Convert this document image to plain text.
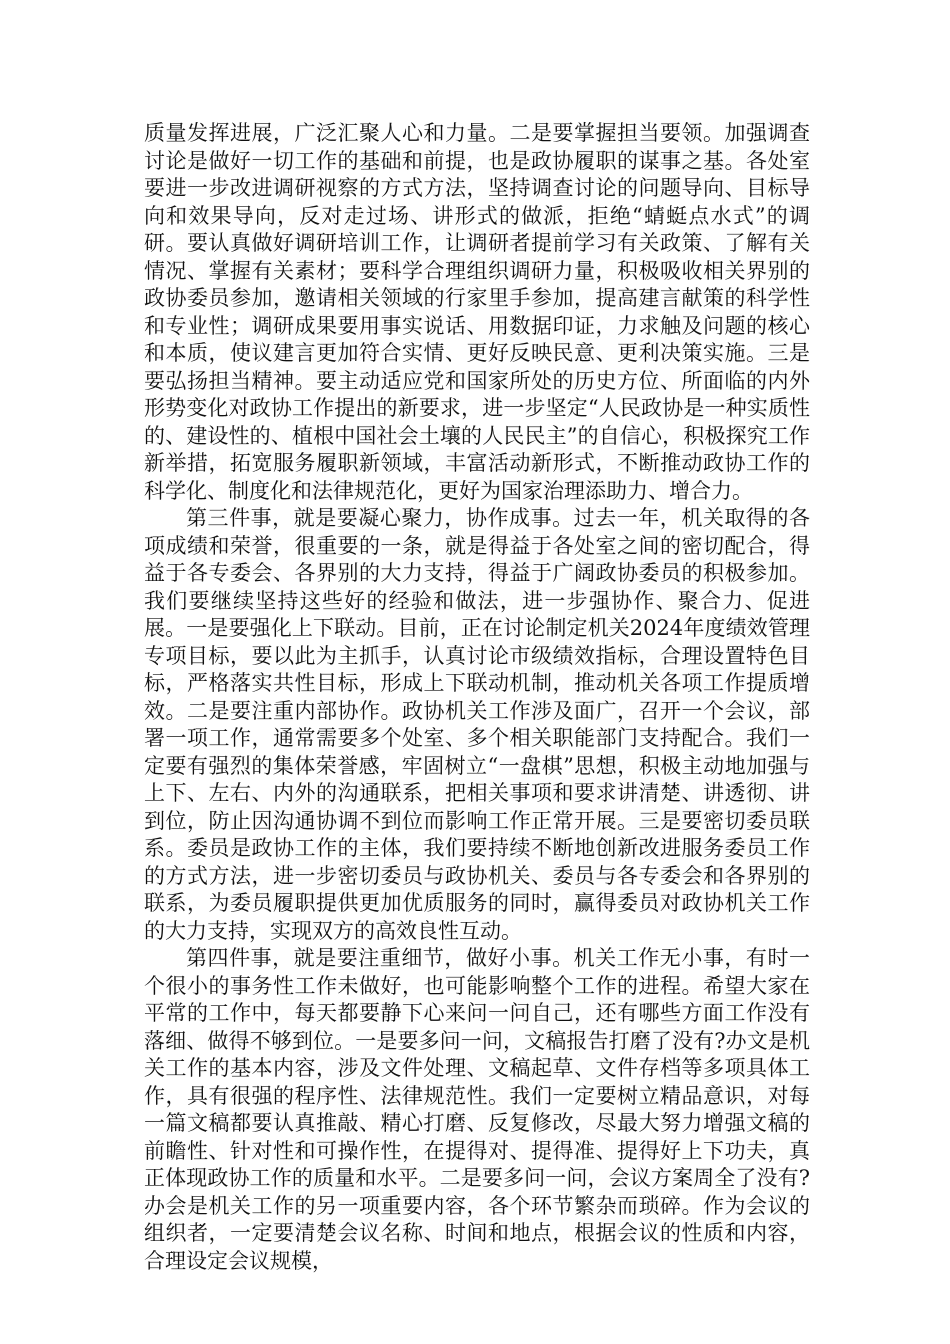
质量发挥进展，广泛汇聚人心和力量。二是要掌握担当要领。加强调查讨论是做好一切工作的基础和前提，也是政协履职的谋事之基。各处室要进一步改进调研视察的方式方法，坚持调查讨论的问题导向、目标导向和效果导向，反对走过场、讲形式的做派，拒绝“蜻蜓点水式”的调研。要认真做好调研培训工作，让调研者提前学习有关政策、了解有关情况、掌握有关素材；要科学合理组织调研力量，积极吸收相关界别的政协委员参加，邀请相关领域的行家里手参加，提高建言献策的科学性和专业性；调研成果要用事实说话、用数据印证，力求触及问题的核心和本质，使议建言更加符合实情、更好反映民意、更利决策实施。三是要弘扬担当精神。要主动适应党和国家所处的历史方位、所面临的内外形势变化对政协工作提出的新要求，进一步坚定“人民政协是一种实质性的、建设性的、植根中国社会土壤的人民民主”的自信心，积极探究工作新举措，拓宽服务履职新领域，丰富活动新形式，不断推动政协工作的科学化、制度化和法律规范化，更好为国家治理添助力、增合力。

第三件事，就是要凝心聚力，协作成事。过去一年，机关取得的各项成绩和荣誉，很重要的一条，就是得益于各处室之间的密切配合，得益于各专委会、各界别的大力支持，得益于广阔政协委员的积极参加。我们要继续坚持这些好的经验和做法，进一步强协作、聚合力、促进展。一是要强化上下联动。目前，正在讨论制定机关2024年度绩效管理专项目标，要以此为主抓手，认真讨论市级绩效指标，合理设置特色目标，严格落实共性目标，形成上下联动机制，推动机关各项工作提质增效。二是要注重内部协作。政协机关工作涉及面广，召开一个会议，部署一项工作，通常需要多个处室、多个相关职能部门支持配合。我们一定要有强烈的集体荣誉感，牢固树立“一盘棋”思想，积极主动地加强与上下、左右、内外的沟通联系，把相关事项和要求讲清楚、讲透彻、讲到位，防止因沟通协调不到位而影响工作正常开展。三是要密切委员联系。委员是政协工作的主体，我们要持续不断地创新改进服务委员工作的方式方法，进一步密切委员与政协机关、委员与各专委会和各界别的联系，为委员履职提供更加优质服务的同时，赢得委员对政协机关工作的大力支持，实现双方的高效良性互动。

第四件事，就是要注重细节，做好小事。机关工作无小事，有时一个很小的事务性工作未做好，也可能影响整个工作的进程。希望大家在平常的工作中，每天都要静下心来问一问自己，还有哪些方面工作没有落细、做得不够到位。一是要多问一问，文稿报告打磨了没有?办文是机关工作的基本内容，涉及文件处理、文稿起草、文件存档等多项具体工作，具有很强的程序性、法律规范性。我们一定要树立精品意识，对每一篇文稿都要认真推敲、精心打磨、反复修改，尽最大努力增强文稿的前瞻性、针对性和可操作性，在提得对、提得准、提得好上下功夫，真正体现政协工作的质量和水平。二是要多问一问，会议方案周全了没有?办会是机关工作的另一项重要内容，各个环节繁杂而琐碎。作为会议的组织者，一定要清楚会议名称、时间和地点，根据会议的性质和内容，合理设定会议规模，
